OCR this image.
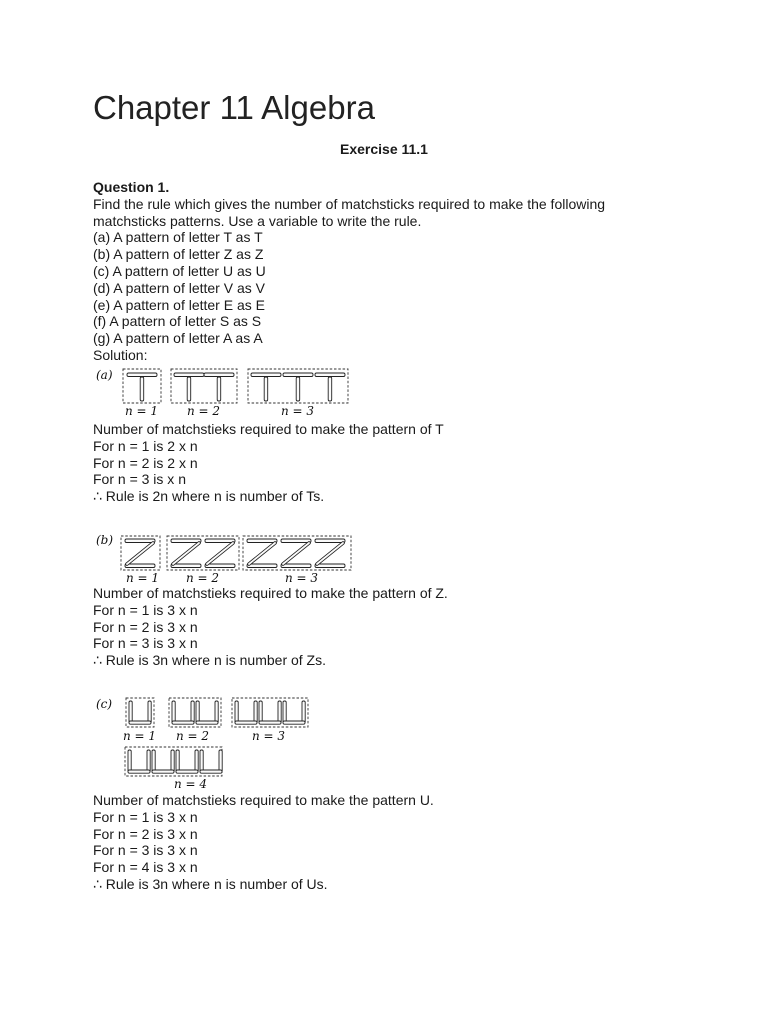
Chapter 11 Algebra
Exercise 11.1
Question 1.
Find the rule which gives the number of matchsticks required to make the following
matchsticks patterns. Use a variable to write the rule.
(a) A pattern of letter T as T
(b) A pattern of letter Z as Z
(c) A pattern of letter U as U
(d) A pattern of letter V as V
(e) A pattern of letter E as E
(f) A pattern of letter S as S
(g) A pattern of letter A as A
Solution:
(a)
n = 1 n = 2	n = 3
Number of matchstieks required to make the pattern of T
For n = 1 is 2 x n
For n = 2 is 2 x n
For n = 3 is x n
∴ Rule is 2n where n is number of Ts.
(b)
n = 1 n = 2	n = 3
Number of matchstieks required to make the pattern of Z.
For n = 1 is 3 x n
For n = 2 is 3 x n
For n = 3 is 3 x n
∴ Rule is 3n where n is number of Zs.
(c)
n = 1 n = 2	n = 3
n = 4
Number of matchstieks required to make the pattern U.
For n = 1 is 3 x n
For n = 2 is 3 x n
For n = 3 is 3 x n
For n = 4 is 3 x n
∴ Rule is 3n where n is number of Us.
